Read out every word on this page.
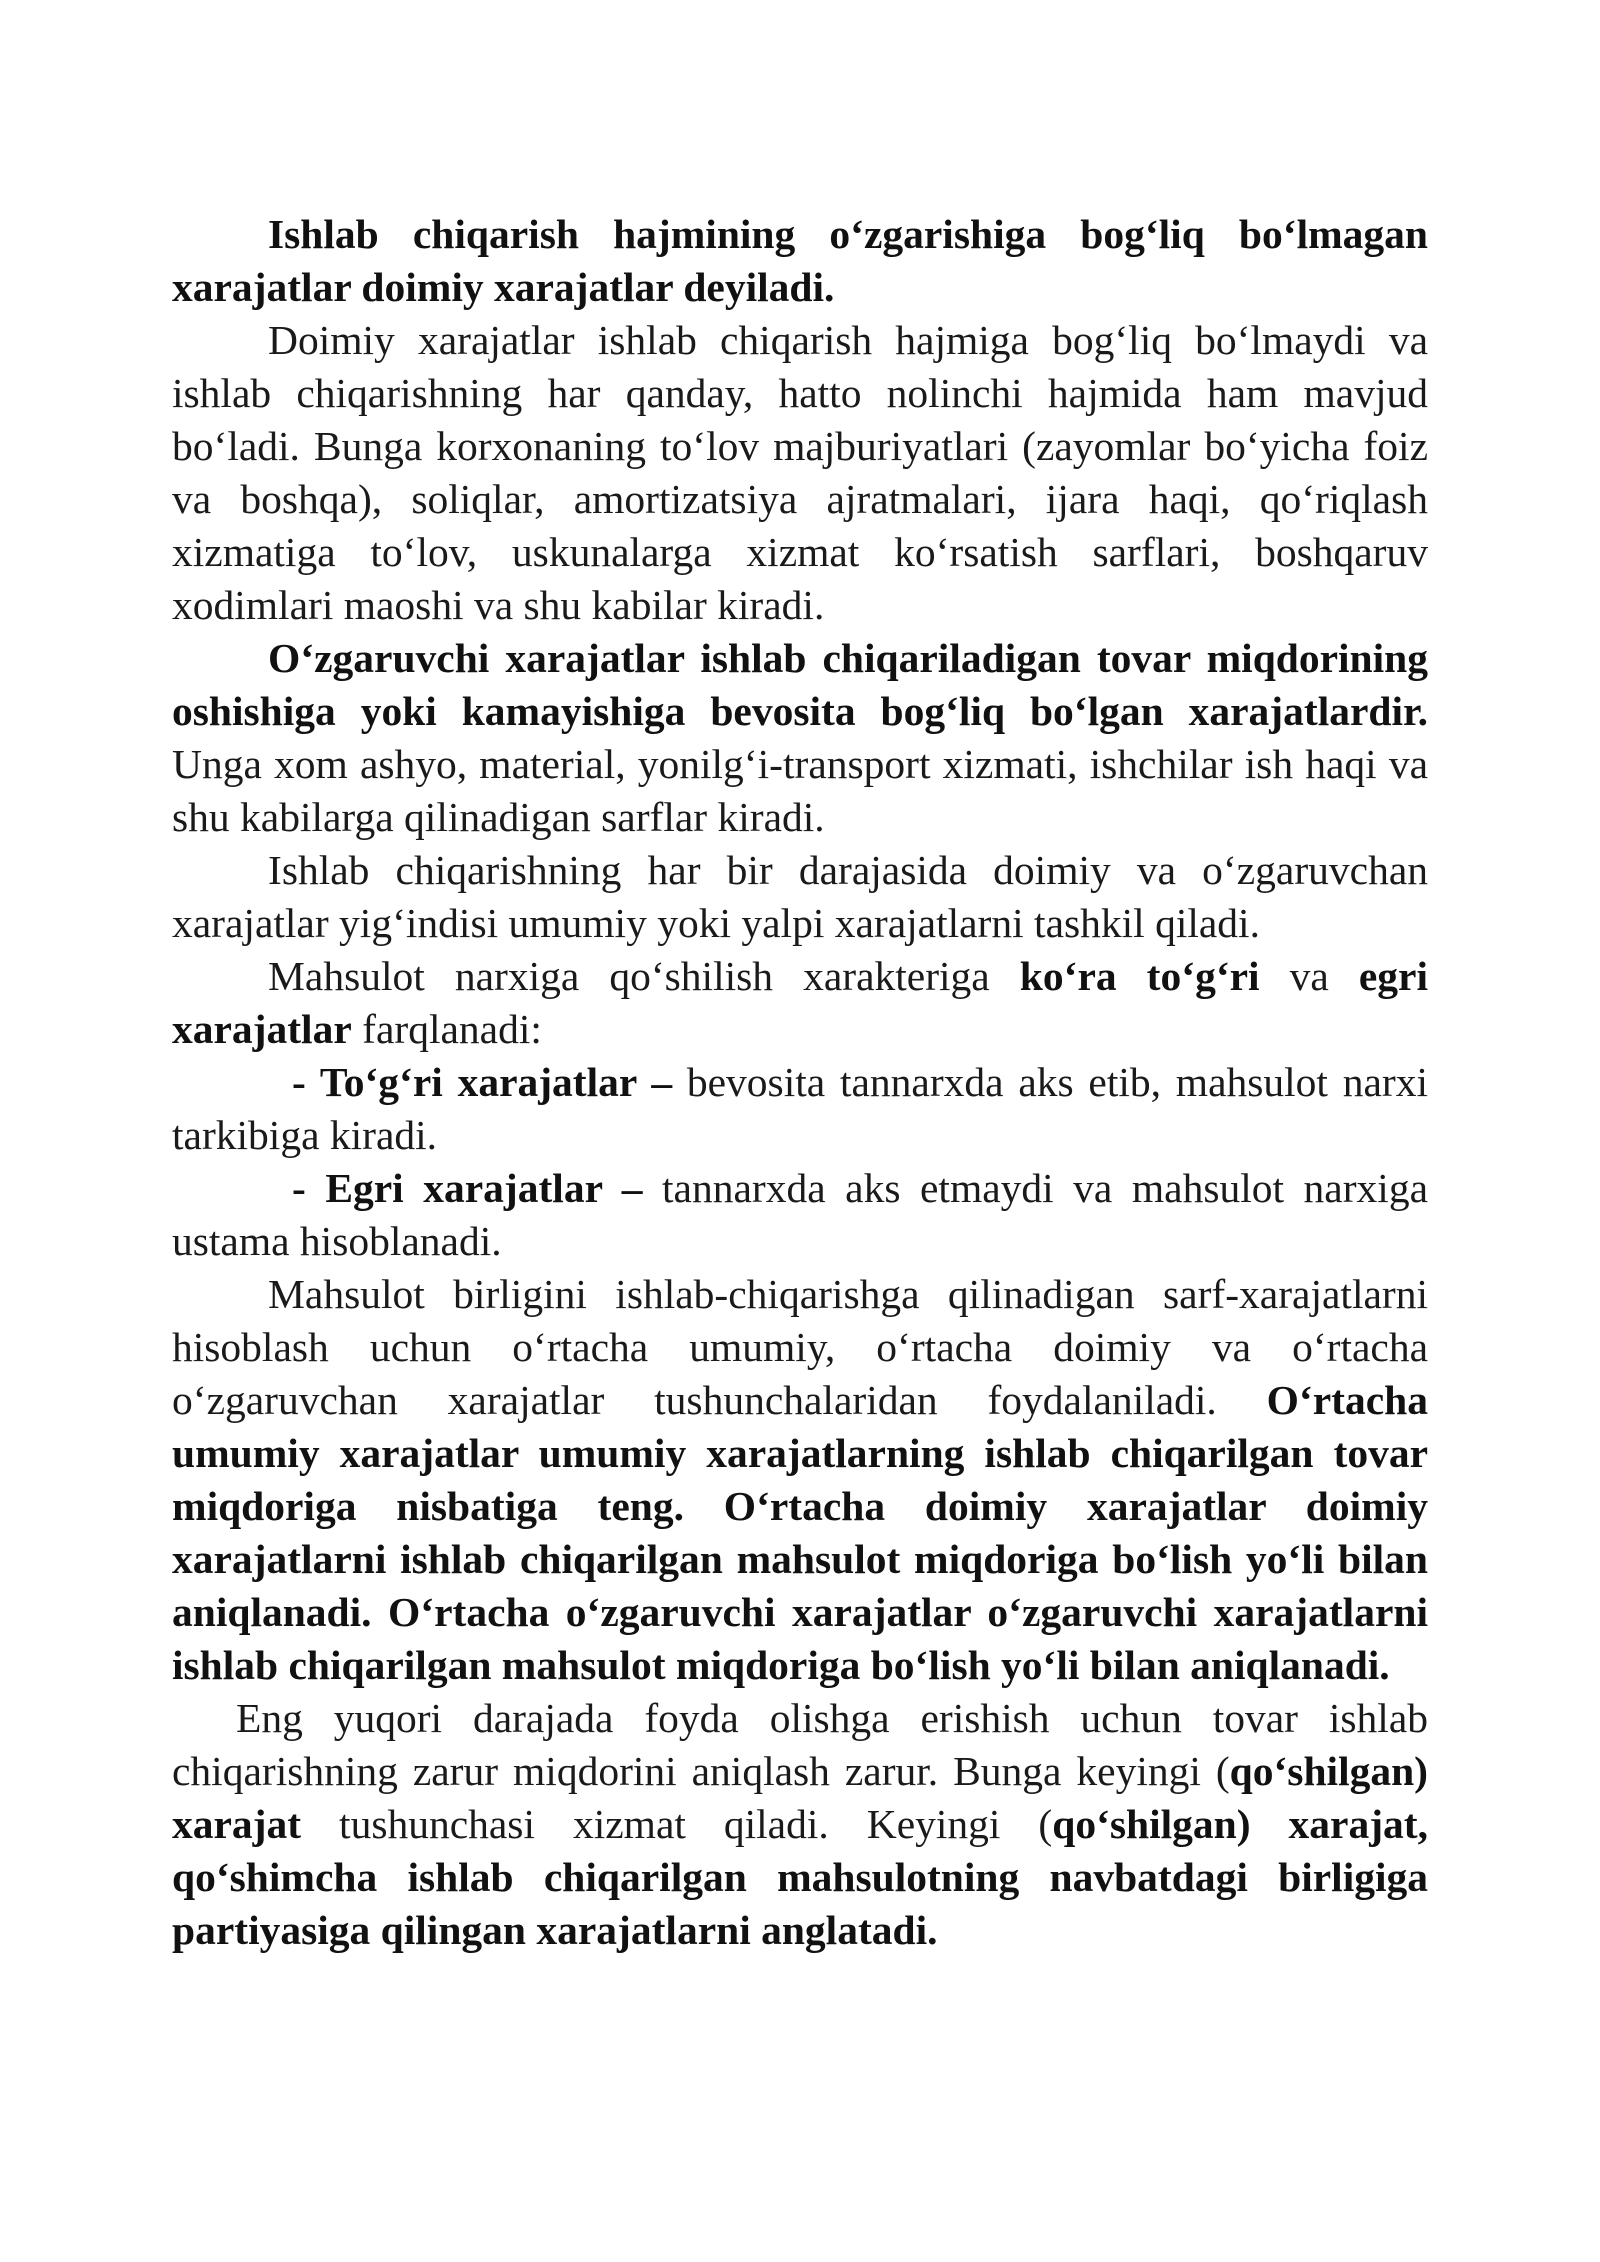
Ishlab chiqarish hajmining o‘zgarishiga bog‘liq bo‘lmagan xarajatlar doimiy xarajatlar deyiladi.

Doimiy xarajatlar ishlab chiqarish hajmiga bog‘liq bo‘lmaydi va ishlab chiqarishning har qanday, hatto nolinchi hajmida ham mavjud bo‘ladi. Bunga korxonaning to‘lov majburiyatlari (zayomlar bo‘yicha foiz va boshqa), soliqlar, amortizatsiya ajratmalari, ijara haqi, qo‘riqlash xizmatiga to‘lov, uskunalarga xizmat ko‘rsatish sarflari, boshqaruv xodimlari maoshi va shu kabilar kiradi.

O‘zgaruvchi xarajatlar ishlab chiqariladigan tovar miqdorining oshishiga yoki kamayishiga bevosita bog‘liq bo‘lgan xarajatlardir. Unga xom ashyo, material, yonilg‘i-transport xizmati, ishchilar ish haqi va shu kabilarga qilinadigan sarflar kiradi.

Ishlab chiqarishning har bir darajasida doimiy va o‘zgaruvchan xarajatlar yig‘indisi umumiy yoki yalpi xarajatlarni tashkil qiladi.

Mahsulot narxiga qo‘shilish xarakteriga ko‘ra to‘g‘ri va egri xarajatlar farqlanadi:

- To‘g‘ri xarajatlar – bevosita tannarxda aks etib, mahsulot narxi tarkibiga kiradi.

- Egri xarajatlar – tannarxda aks etmaydi va mahsulot narxiga ustama hisoblanadi.

Mahsulot birligini ishlab-chiqarishga qilinadigan sarf-xarajatlarni hisoblash uchun o‘rtacha umumiy, o‘rtacha doimiy va o‘rtacha o‘zgaruvchan xarajatlar tushunchalaridan foydalaniladi. O‘rtacha umumiy xarajatlar umumiy xarajatlarning ishlab chiqarilgan tovar miqdoriga nisbatiga teng. O‘rtacha doimiy xarajatlar doimiy xarajatlarni ishlab chiqarilgan mahsulot miqdoriga bo‘lish yo‘li bilan aniqlanadi. O‘rtacha o‘zgaruvchi xarajatlar o‘zgaruvchi xarajatlarni ishlab chiqarilgan mahsulot miqdoriga bo‘lish yo‘li bilan aniqlanadi.

Eng yuqori darajada foyda olishga erishish uchun tovar ishlab chiqarishning zarur miqdorini aniqlash zarur. Bunga keyingi (qo‘shilgan) xarajat tushunchasi xizmat qiladi. Keyingi (qo‘shilgan) xarajat, qo‘shimcha ishlab chiqarilgan mahsulotning navbatdagi birligiga partiyasiga qilingan xarajatlarni anglatadi.
